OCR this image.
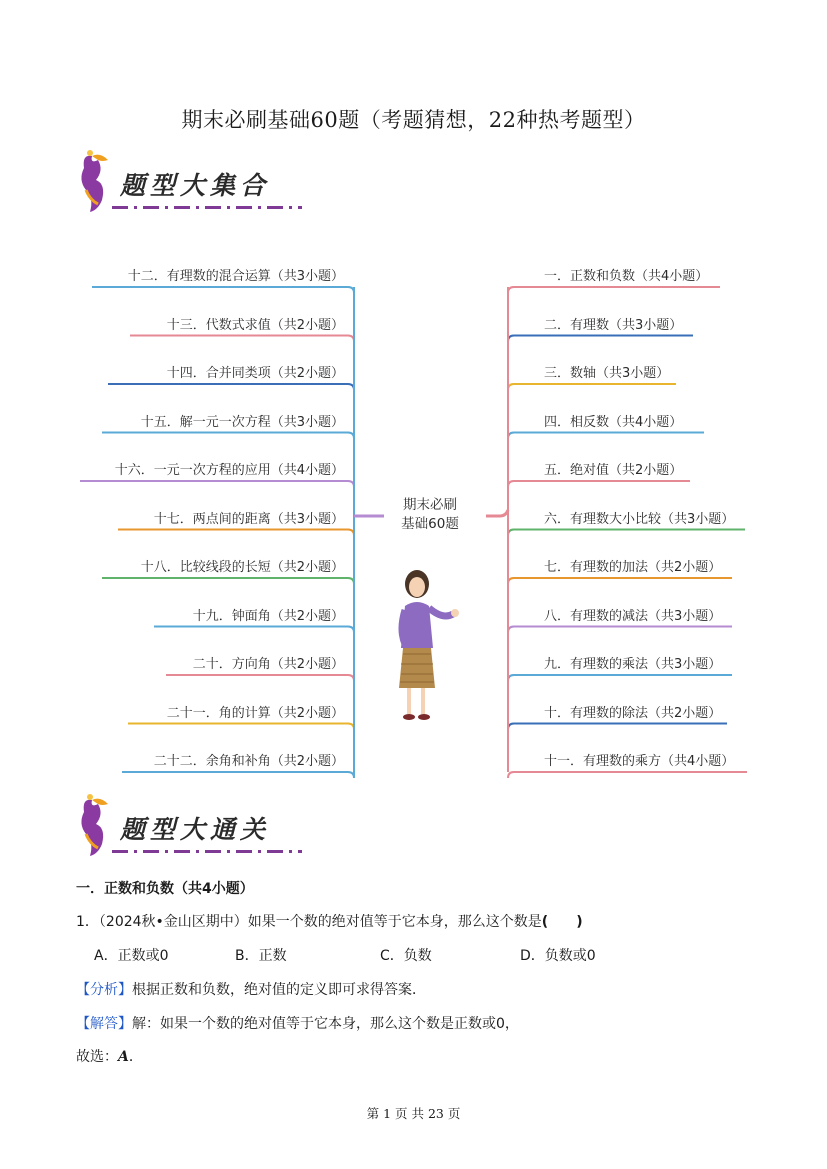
期末必刷基础60题（考题猜想，22种热考题型）
题型大集合
十二．有理数的混合运算（共3小题）
十三．代数式求值（共2小题）
十四．合并同类项（共2小题）
十五．解一元一次方程（共3小题）
十六．一元一次方程的应用（共4小题）
十七．两点间的距离（共3小题）
十八．比较线段的长短（共2小题）
十九．钟面角（共2小题）
二十．方向角（共2小题）
二十一．角的计算（共2小题）
二十二．余角和补角（共2小题）
一．正数和负数（共4小题）
二．有理数（共3小题）
三．数轴（共3小题）
四．相反数（共4小题）
五．绝对值（共2小题）
六．有理数大小比较（共3小题）
七．有理数的加法（共2小题）
八．有理数的减法（共3小题）
九．有理数的乘法（共3小题）
十．有理数的除法（共2小题）
十一．有理数的乘方（共4小题）
期末必刷
基础60题
题型大通关
一．正数和负数（共4小题）
1．（2024秋•金山区期中）如果一个数的绝对值等于它本身，那么这个数是(　　)
A．正数或0	B．正数	C．负数	D．负数或0
【分析】根据正数和负数，绝对值的定义即可求得答案．
【解答】解：如果一个数的绝对值等于它本身，那么这个数是正数或0，
故选：A．
第 1 页 共 23 页
